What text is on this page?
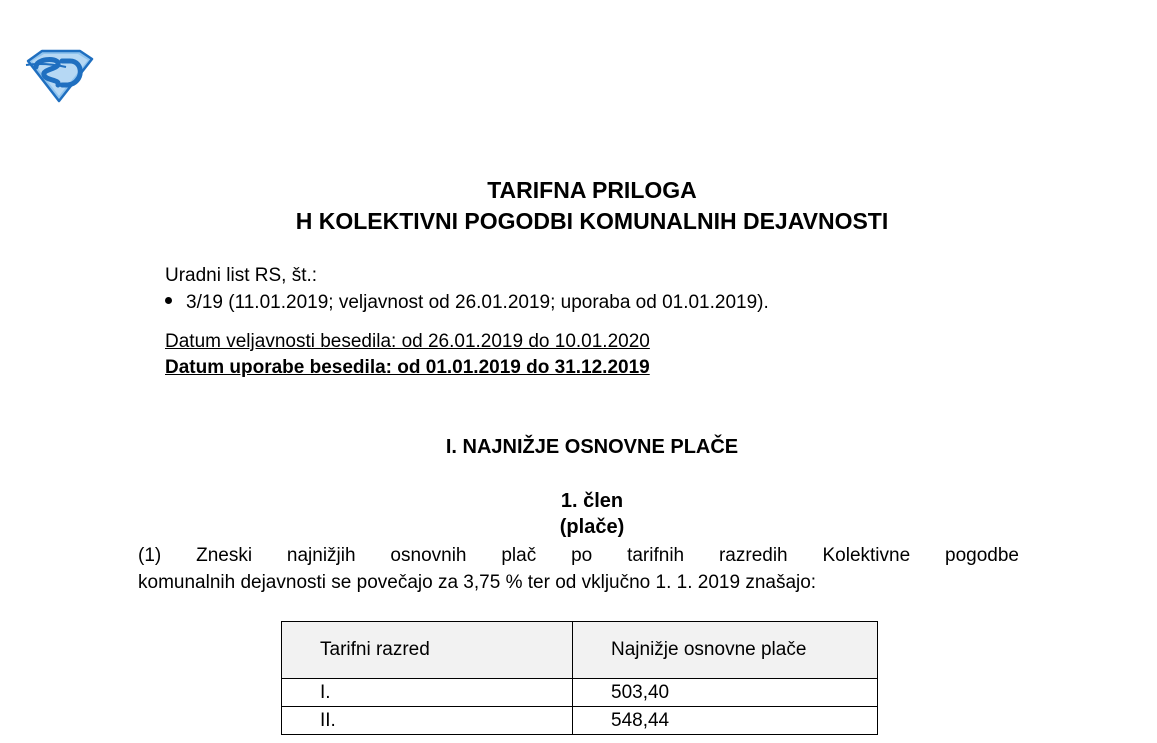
TARIFNA PRILOGA
H KOLEKTIVNI POGODBI KOMUNALNIH DEJAVNOSTI
Uradni list RS, št.:
3/19 (11.01.2019; veljavnost od 26.01.2019; uporaba od 01.01.2019).
Datum veljavnosti besedila: od 26.01.2019 do 10.01.2020
Datum uporabe besedila: od 01.01.2019 do 31.12.2019
I. NAJNIŽJE OSNOVNE PLAČE
1. člen
(plače)
(1) Zneski najnižjih osnovnih plač po tarifnih razredih Kolektivne pogodbe
komunalnih dejavnosti se povečajo za 3,75 % ter od vključno 1. 1. 2019 znašajo:
Tarifni razred	Najnižje osnovne plače
I.	503,40
II.	548,44
